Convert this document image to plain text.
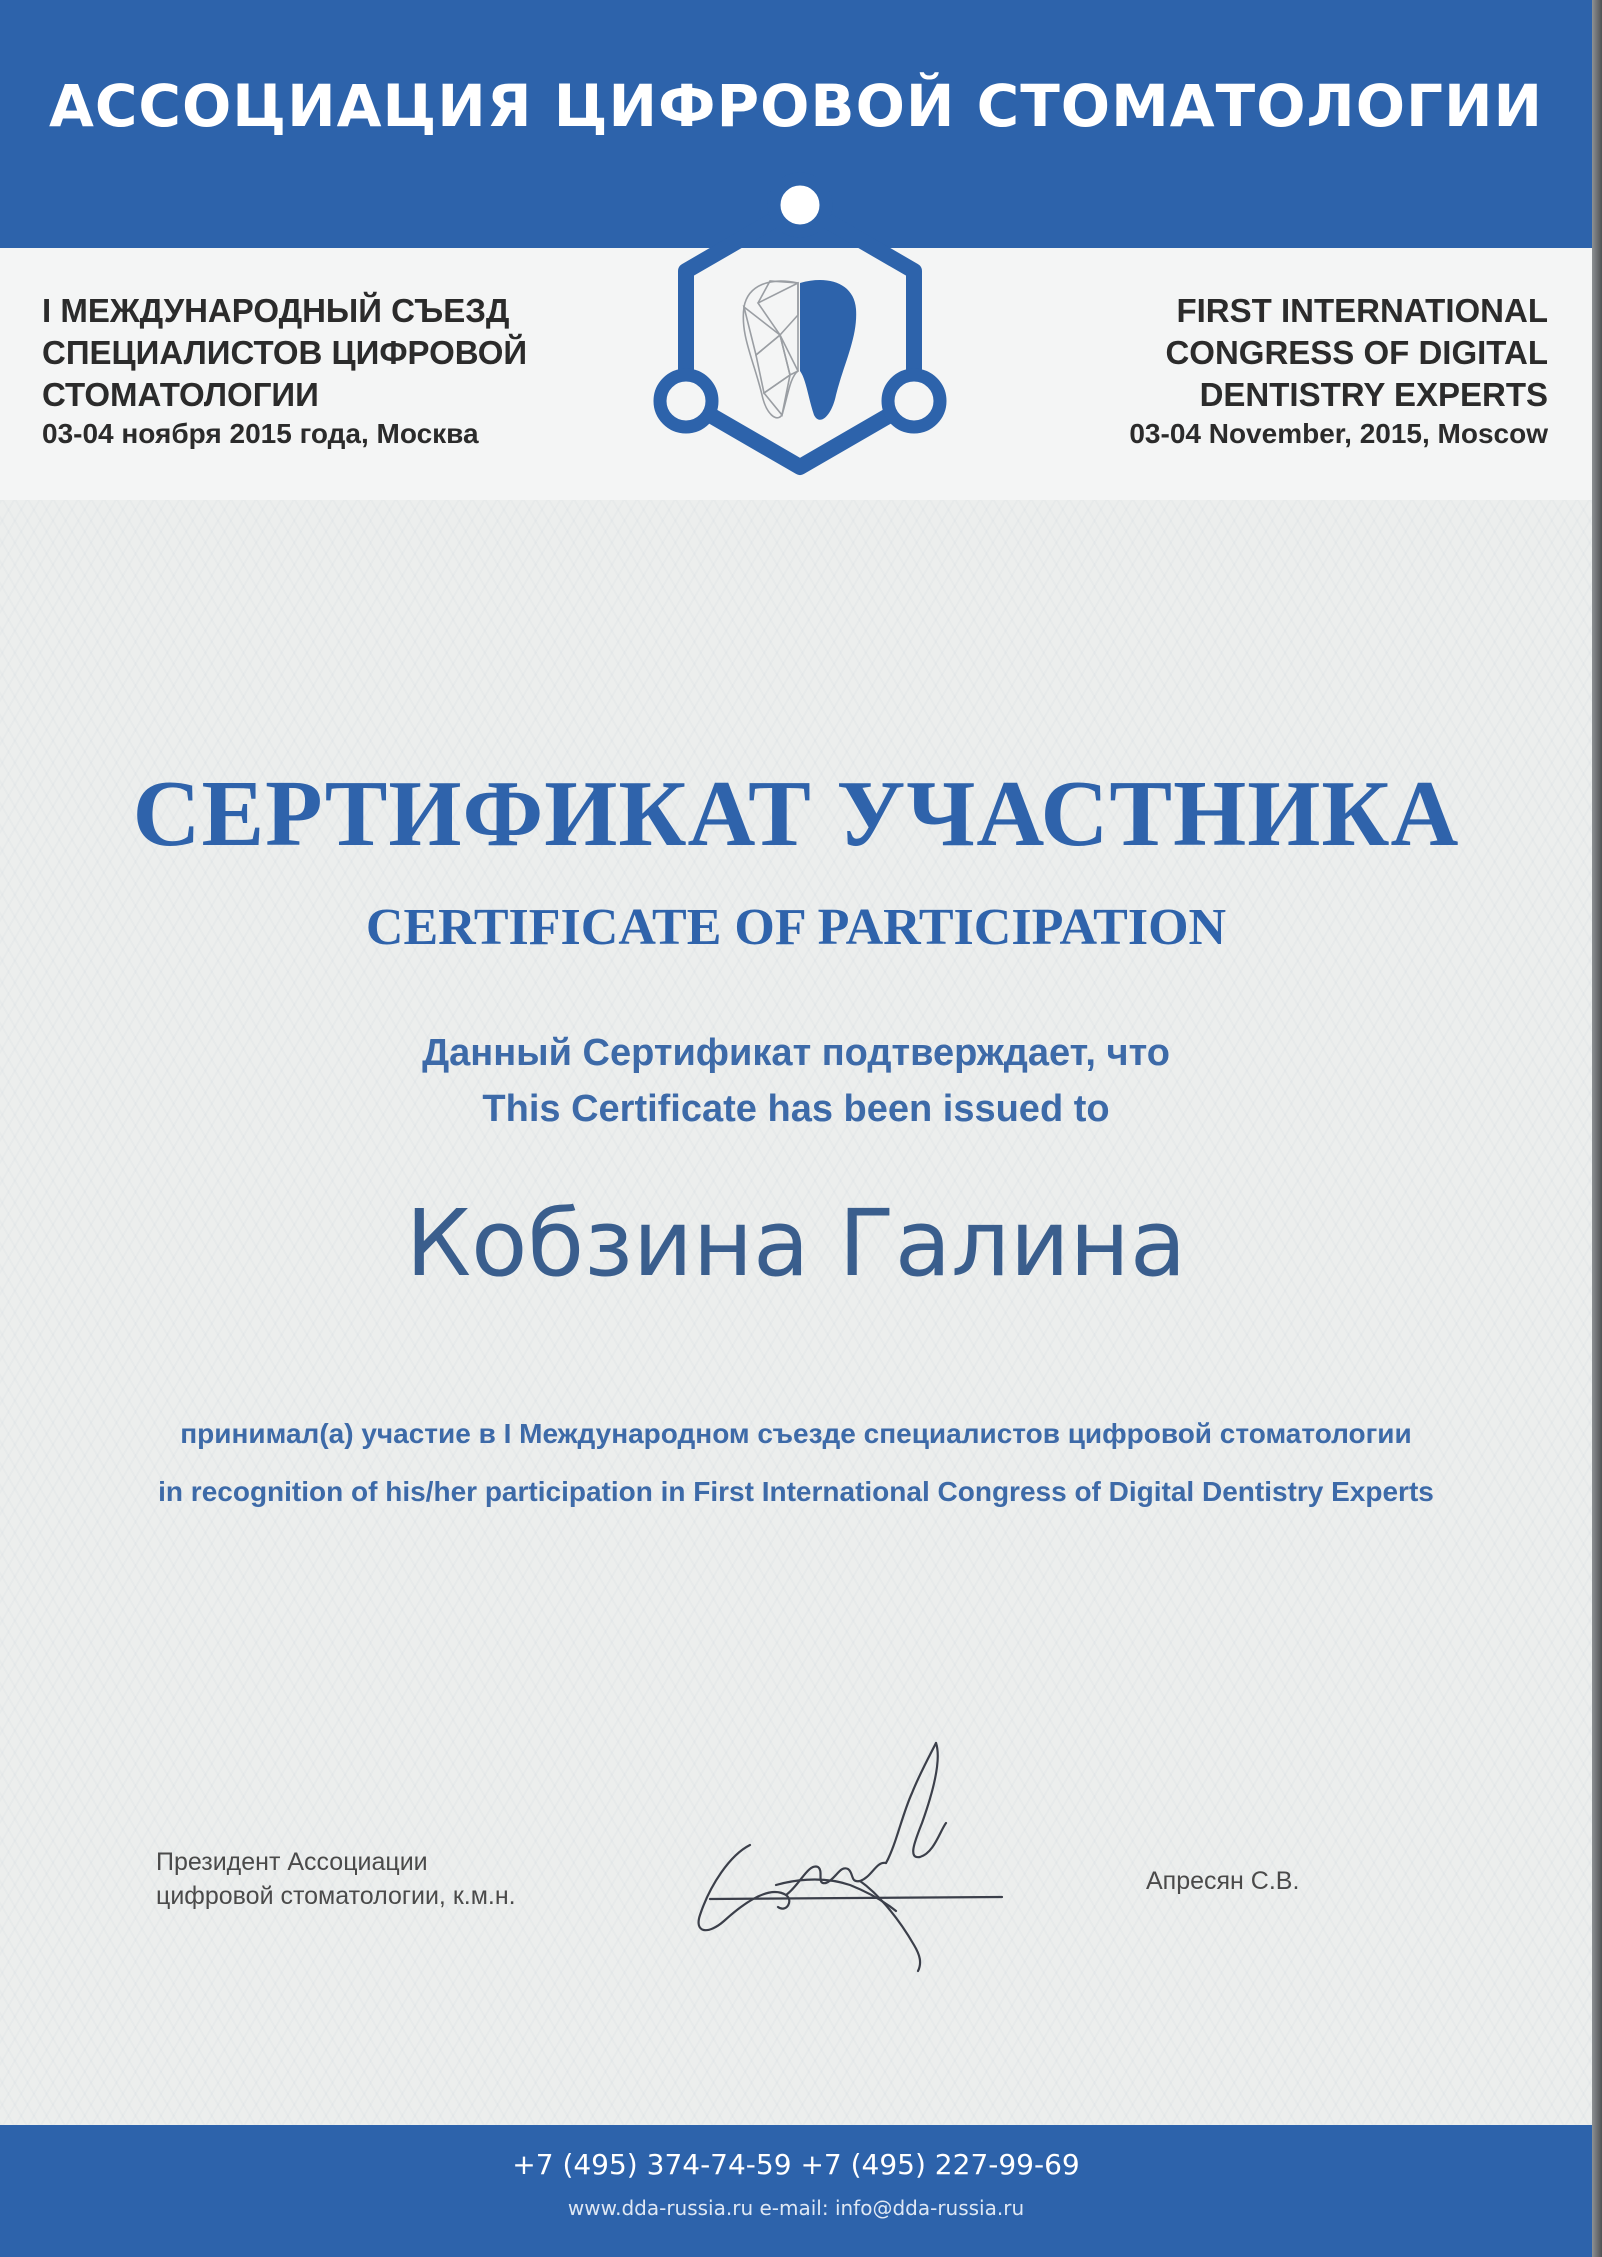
АССОЦИАЦИЯ ЦИФРОВОЙ СТОМАТОЛОГИИ
I МЕЖДУНАРОДНЫЙ СЪЕЗД
СПЕЦИАЛИСТОВ ЦИФРОВОЙ
СТОМАТОЛОГИИ
03-04 ноября 2015 года, Москва
FIRST INTERNATIONAL
CONGRESS OF DIGITAL
DENTISTRY EXPERTS
03-04 November, 2015, Moscow
СЕРТИФИКАТ УЧАСТНИКА
CERTIFICATE OF PARTICIPATION
Данный Сертификат подтверждает, что
This Certificate has been issued to
Кобзина Галина
принимал(а) участие в I Международном съезде специалистов цифровой стоматологии
in recognition of his/her participation in First International Congress of Digital Dentistry Experts
Президент Ассоциации
цифровой стоматологии, к.м.н.
Апресян С.В.
+7 (495) 374-74-59 +7 (495) 227-99-69
www.dda-russia.ru e-mail: info@dda-russia.ru
